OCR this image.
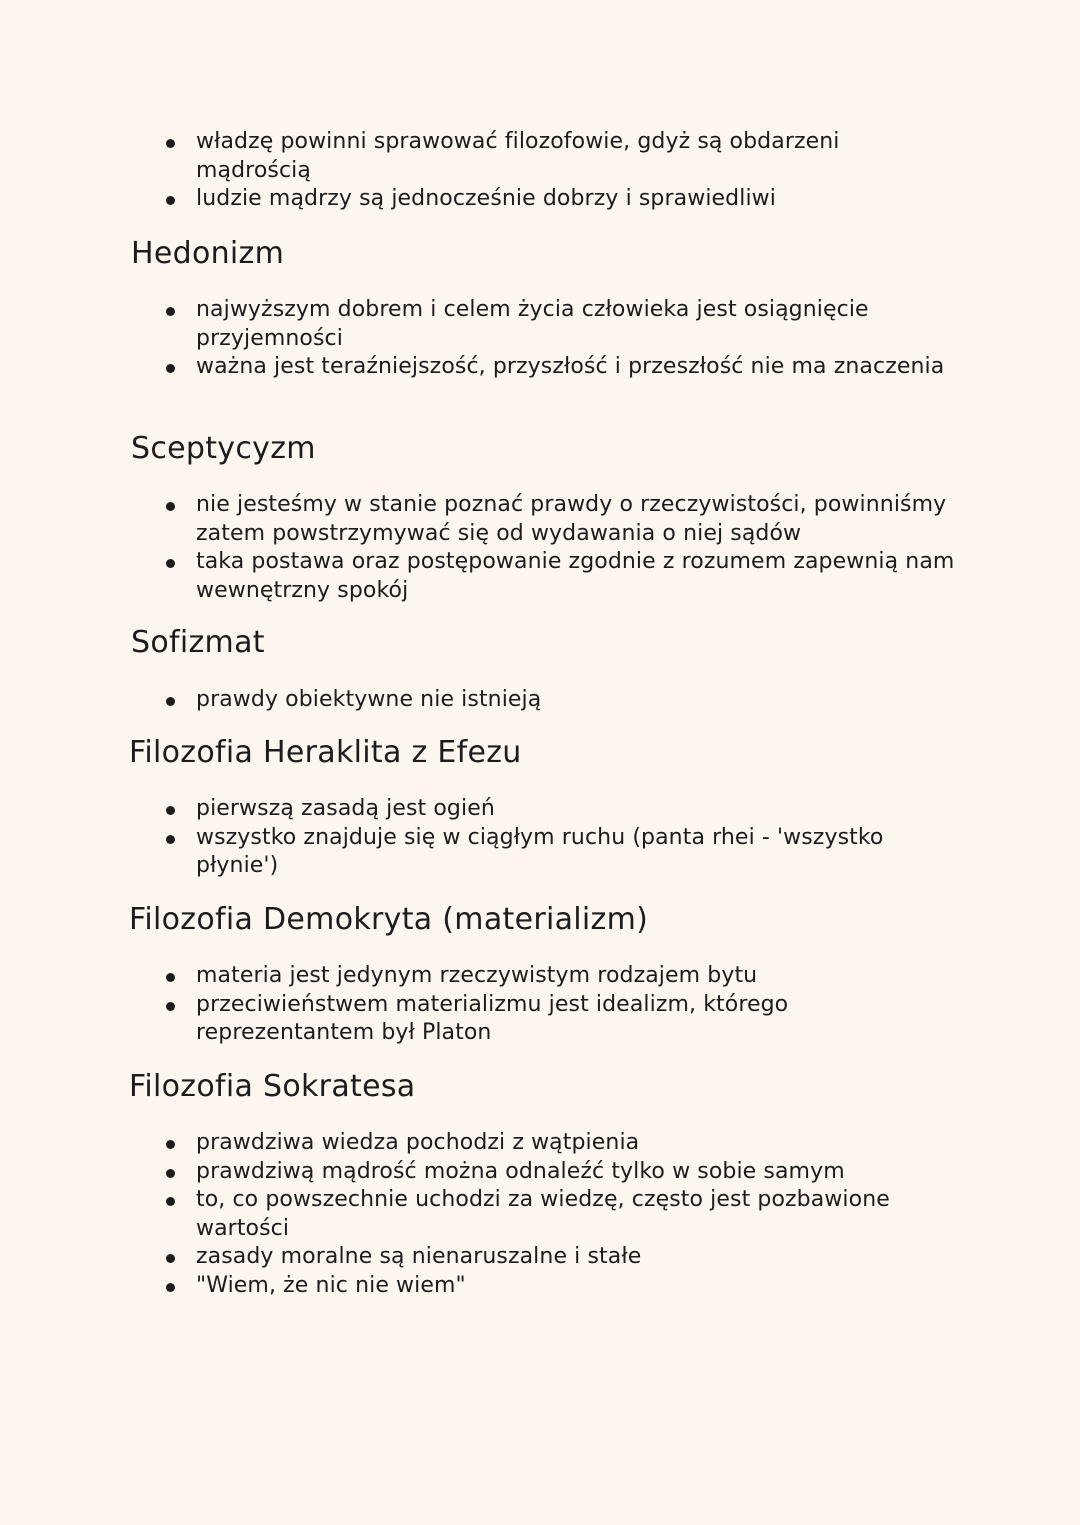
władzę powinni sprawować filozofowie, gdyż są obdarzeni mądrością
ludzie mądrzy są jednocześnie dobrzy i sprawiedliwi
Hedonizm
najwyższym dobrem i celem życia człowieka jest osiągnięcie przyjemności
ważna jest teraźniejszość, przyszłość i przeszłość nie ma znaczenia
Sceptycyzm
nie jesteśmy w stanie poznać prawdy o rzeczywistości, powinniśmy zatem powstrzymywać się od wydawania o niej sądów
taka postawa oraz postępowanie zgodnie z rozumem zapewnią nam wewnętrzny spokój
Sofizmat
prawdy obiektywne nie istnieją
Filozofia Heraklita z Efezu
pierwszą zasadą jest ogień
wszystko znajduje się w ciągłym ruchu (panta rhei - 'wszystko płynie')
Filozofia Demokryta (materializm)
materia jest jedynym rzeczywistym rodzajem bytu
przeciwieństwem materializmu jest idealizm, którego reprezentantem był Platon
Filozofia Sokratesa
prawdziwa wiedza pochodzi z wątpienia
prawdziwą mądrość można odnaleźć tylko w sobie samym
to, co powszechnie uchodzi za wiedzę, często jest pozbawione wartości
zasady moralne są nienaruszalne i stałe
"Wiem, że nic nie wiem"
